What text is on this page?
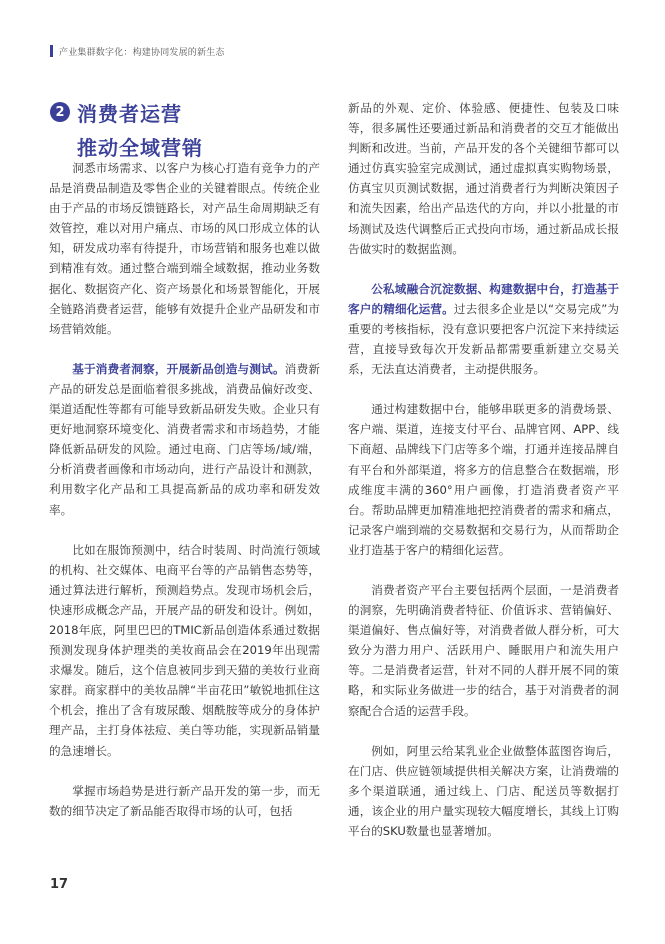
产业集群数字化：构建协同发展的新生态
2 消费者运营
推动全域营销

洞悉市场需求、以客户为核心打造有竞争力的产品是消费品制造及零售企业的关键着眼点。传统企业由于产品的市场反馈链路长，对产品生命周期缺乏有效管控，难以对用户痛点、市场的风口形成立体的认知，研发成功率有待提升，市场营销和服务也难以做到精准有效。通过整合端到端全域数据，推动业务数据化、数据资产化、资产场景化和场景智能化，开展全链路消费者运营，能够有效提升企业产品研发和市场营销效能。

基于消费者洞察，开展新品创造与测试。消费新产品的研发总是面临着很多挑战，消费品偏好改变、渠道适配性等都有可能导致新品研发失败。企业只有更好地洞察环境变化、消费者需求和市场趋势，才能降低新品研发的风险。通过电商、门店等场/域/端，分析消费者画像和市场动向，进行产品设计和测款，利用数字化产品和工具提高新品的成功率和研发效率。

比如在服饰预测中，结合时装周、时尚流行领域的机构、社交媒体、电商平台等的产品销售态势等，通过算法进行解析，预测趋势点。发现市场机会后，快速形成概念产品，开展产品的研发和设计。例如，2018年底，阿里巴巴的TMIC新品创造体系通过数据预测发现身体护理类的美妆商品会在2019年出现需求爆发。随后，这个信息被同步到天猫的美妆行业商家群。商家群中的美妆品牌“半亩花田”敏锐地抓住这个机会，推出了含有玻尿酸、烟酰胺等成分的身体护理产品，主打身体祛痘、美白等功能，实现新品销量的急速增长。

掌握市场趋势是进行新产品开发的第一步，而无数的细节决定了新品能否取得市场的认可，包括

新品的外观、定价、体验感、便捷性、包装及口味等，很多属性还要通过新品和消费者的交互才能做出判断和改进。当前，产品开发的各个关键细节都可以通过仿真实验室完成测试，通过虚拟真实购物场景，仿真宝贝页测试数据，通过消费者行为判断决策因子和流失因素，给出产品迭代的方向，并以小批量的市场测试及迭代调整后正式投向市场，通过新品成长报告做实时的数据监测。

公私域融合沉淀数据、构建数据中台，打造基于客户的精细化运营。过去很多企业是以“交易完成”为重要的考核指标，没有意识要把客户沉淀下来持续运营，直接导致每次开发新品都需要重新建立交易关系，无法直达消费者，主动提供服务。

通过构建数据中台，能够串联更多的消费场景、客户端、渠道，连接支付平台、品牌官网、APP、线下商超、品牌线下门店等多个端，打通并连接品牌自有平台和外部渠道，将多方的信息整合在数据端，形成维度丰满的360°用户画像，打造消费者资产平台。帮助品牌更加精准地把控消费者的需求和痛点，记录客户端到端的交易数据和交易行为，从而帮助企业打造基于客户的精细化运营。

消费者资产平台主要包括两个层面，一是消费者的洞察，先明确消费者特征、价值诉求、营销偏好、渠道偏好、售点偏好等，对消费者做人群分析，可大致分为潜力用户、活跃用户、睡眠用户和流失用户等。二是消费者运营，针对不同的人群开展不同的策略，和实际业务做进一步的结合，基于对消费者的洞察配合合适的运营手段。

例如，阿里云给某乳业企业做整体蓝图咨询后，在门店、供应链领域提供相关解决方案，让消费端的多个渠道联通，通过线上、门店、配送员等数据打通，该企业的用户量实现较大幅度增长，其线上订购平台的SKU数量也显著增加。

17
